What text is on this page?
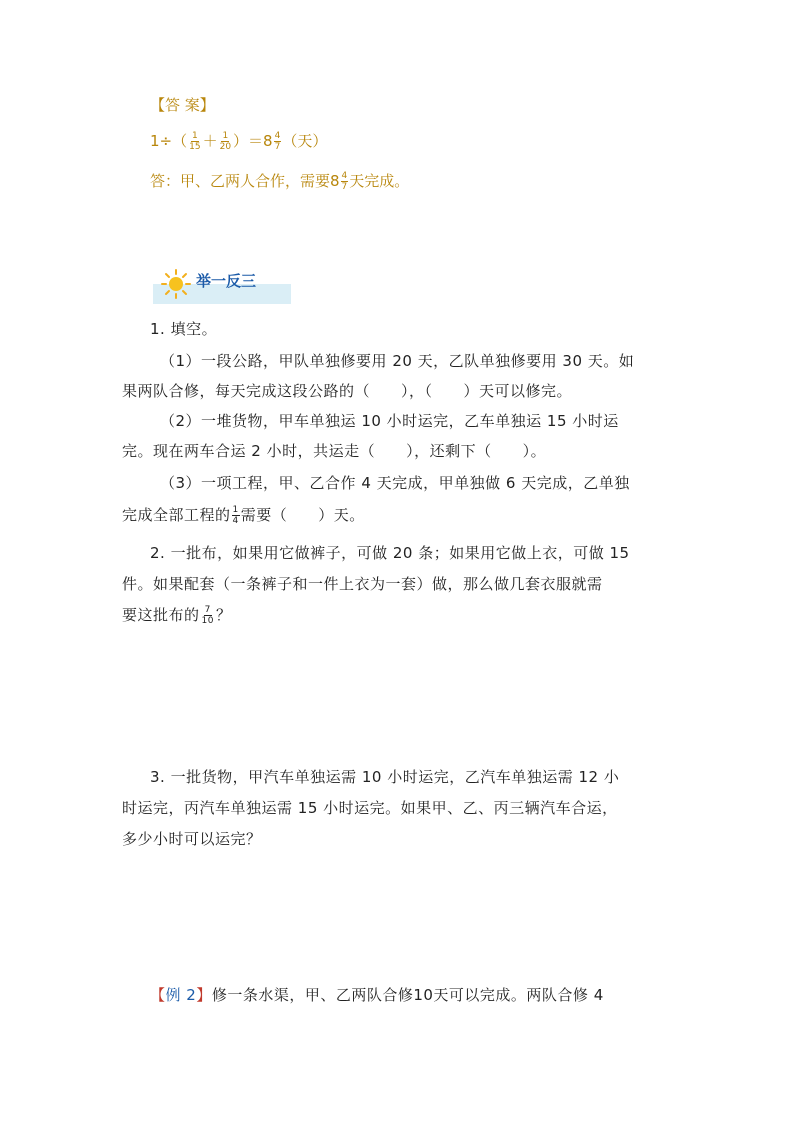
【答 案】
$1\div( \frac{1}{15} + \frac{1}{20} )=8 \frac{4}{7}$ （天）
答：甲、乙两人合作，需要$8 \frac{4}{7}$ 天完成。
举一反三
1. 填空。
（1）一段公路，甲队单独修要用 20 天，乙队单独修要用 30 天。如
果两队合修，每天完成这段公路的（　　），（　　）天可以修完。
（2）一堆货物，甲车单独运 10 小时运完，乙车单独运 15 小时运
完。现在两车合运 2 小时，共运走（　　），还剩下（　　）。
（3）一项工程，甲、乙合作 4 天完成，甲单独做 6 天完成，乙单独
完成全部工程的 $\frac{1}{4}$ 需要（　　）天。
2. 一批布，如果用它做裤子，可做 20 条；如果用它做上衣，可做 15
件。如果配套（一条裤子和一件上衣为一套）做，那么做几套衣服就需
要这批布的 $\frac{7}{10}$ ？
3. 一批货物，甲汽车单独运需 10 小时运完，乙汽车单独运需 12 小
时运完，丙汽车单独运需 15 小时运完。如果甲、乙、丙三辆汽车合运，
多少小时可以运完？
【例 2】修一条水渠，甲、乙两队合修10天可以完成。两队合修 4
